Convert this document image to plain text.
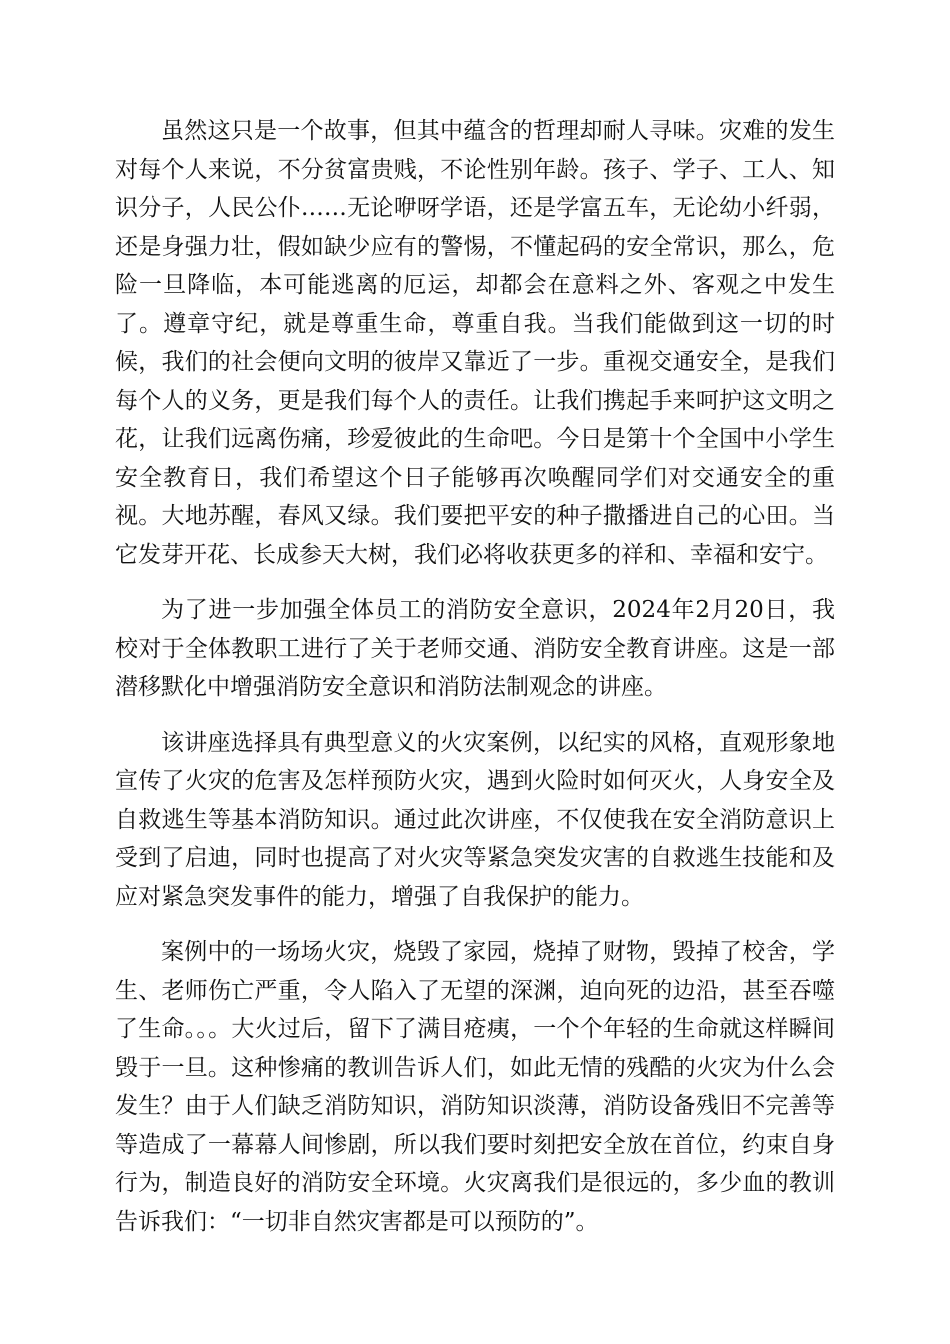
虽然这只是一个故事，但其中蕴含的哲理却耐人寻味。灾难的发生对每个人来说，不分贫富贵贱，不论性别年龄。孩子、学子、工人、知识分子，人民公仆……无论咿呀学语，还是学富五车，无论幼小纤弱，还是身强力壮，假如缺少应有的警惕，不懂起码的安全常识，那么，危险一旦降临，本可能逃离的厄运，却都会在意料之外、客观之中发生了。遵章守纪，就是尊重生命，尊重自我。当我们能做到这一切的时候，我们的社会便向文明的彼岸又靠近了一步。重视交通安全，是我们每个人的义务，更是我们每个人的责任。让我们携起手来呵护这文明之花，让我们远离伤痛，珍爱彼此的生命吧。今日是第十个全国中小学生安全教育日，我们希望这个日子能够再次唤醒同学们对交通安全的重视。大地苏醒，春风又绿。我们要把平安的种子撒播进自己的心田。当它发芽开花、长成参天大树，我们必将收获更多的祥和、幸福和安宁。

为了进一步加强全体员工的消防安全意识，2024年2月20日，我校对于全体教职工进行了关于老师交通、消防安全教育讲座。这是一部潜移默化中增强消防安全意识和消防法制观念的讲座。

该讲座选择具有典型意义的火灾案例，以纪实的风格，直观形象地宣传了火灾的危害及怎样预防火灾，遇到火险时如何灭火，人身安全及自救逃生等基本消防知识。通过此次讲座，不仅使我在安全消防意识上受到了启迪，同时也提高了对火灾等紧急突发灾害的自救逃生技能和及应对紧急突发事件的能力，增强了自我保护的能力。

案例中的一场场火灾，烧毁了家园，烧掉了财物，毁掉了校舍，学生、老师伤亡严重，令人陷入了无望的深渊，迫向死的边沿，甚至吞噬了生命。。。大火过后，留下了满目疮痍，一个个年轻的生命就这样瞬间毁于一旦。这种惨痛的教训告诉人们，如此无情的残酷的火灾为什么会发生？由于人们缺乏消防知识，消防知识淡薄，消防设备残旧不完善等等造成了一幕幕人间惨剧，所以我们要时刻把安全放在首位，约束自身行为，制造良好的消防安全环境。火灾离我们是很远的，多少血的教训告诉我们：“一切非自然灾害都是可以预防的”。
